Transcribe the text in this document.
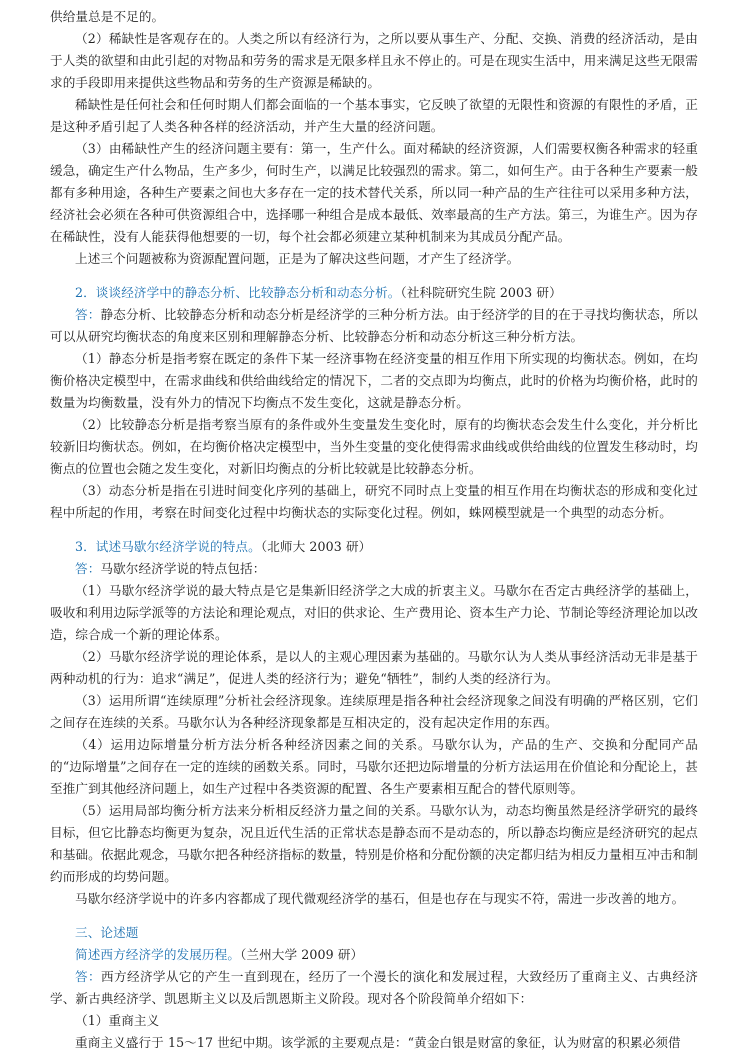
供给量总是不足的。

（2）稀缺性是客观存在的。人类之所以有经济行为，之所以要从事生产、分配、交换、消费的经济活动，是由于人类的欲望和由此引起的对物品和劳务的需求是无限多样且永不停止的。可是在现实生活中，用来满足这些无限需求的手段即用来提供这些物品和劳务的生产资源是稀缺的。

稀缺性是任何社会和任何时期人们都会面临的一个基本事实，它反映了欲望的无限性和资源的有限性的矛盾，正是这种矛盾引起了人类各种各样的经济活动，并产生大量的经济问题。

（3）由稀缺性产生的经济问题主要有：第一，生产什么。面对稀缺的经济资源，人们需要权衡各种需求的轻重缓急，确定生产什么物品，生产多少，何时生产，以满足比较强烈的需求。第二，如何生产。由于各种生产要素一般都有多种用途，各种生产要素之间也大多存在一定的技术替代关系，所以同一种产品的生产往往可以采用多种方法，经济社会必须在各种可供资源组合中，选择哪一种组合是成本最低、效率最高的生产方法。第三，为谁生产。因为存在稀缺性，没有人能获得他想要的一切，每个社会都必须建立某种机制来为其成员分配产品。

上述三个问题被称为资源配置问题，正是为了解决这些问题，才产生了经济学。

2．谈谈经济学中的静态分析、比较静态分析和动态分析。（社科院研究生院 2003 研）

答：静态分析、比较静态分析和动态分析是经济学的三种分析方法。由于经济学的目的在于寻找均衡状态，所以可以从研究均衡状态的角度来区别和理解静态分析、比较静态分析和动态分析这三种分析方法。

（1）静态分析是指考察在既定的条件下某一经济事物在经济变量的相互作用下所实现的均衡状态。例如，在均衡价格决定模型中，在需求曲线和供给曲线给定的情况下，二者的交点即为均衡点，此时的价格为均衡价格，此时的数量为均衡数量，没有外力的情况下均衡点不发生变化，这就是静态分析。

（2）比较静态分析是指考察当原有的条件或外生变量发生变化时，原有的均衡状态会发生什么变化，并分析比较新旧均衡状态。例如，在均衡价格决定模型中，当外生变量的变化使得需求曲线或供给曲线的位置发生移动时，均衡点的位置也会随之发生变化，对新旧均衡点的分析比较就是比较静态分析。

（3）动态分析是指在引进时间变化序列的基础上，研究不同时点上变量的相互作用在均衡状态的形成和变化过程中所起的作用，考察在时间变化过程中均衡状态的实际变化过程。例如，蛛网模型就是一个典型的动态分析。

3．试述马歇尔经济学说的特点。（北师大 2003 研）

答：马歇尔经济学说的特点包括：

（1）马歇尔经济学说的最大特点是它是集新旧经济学之大成的折衷主义。马歇尔在否定古典经济学的基础上，吸收和利用边际学派等的方法论和理论观点，对旧的供求论、生产费用论、资本生产力论、节制论等经济理论加以改造，综合成一个新的理论体系。

（2）马歇尔经济学说的理论体系，是以人的主观心理因素为基础的。马歇尔认为人类从事经济活动无非是基于两种动机的行为：追求“满足”，促进人类的经济行为；避免“牺牲”，制约人类的经济行为。

（3）运用所谓“连续原理”分析社会经济现象。连续原理是指各种社会经济现象之间没有明确的严格区别，它们之间存在连续的关系。马歇尔认为各种经济现象都是互相决定的，没有起决定作用的东西。

（4）运用边际增量分析方法分析各种经济因素之间的关系。马歇尔认为，产品的生产、交换和分配同产品的“边际增量”之间存在一定的连续的函数关系。同时，马歇尔还把边际增量的分析方法运用在价值论和分配论上，甚至推广到其他经济问题上，如生产过程中各类资源的配置、各生产要素相互配合的替代原则等。

（5）运用局部均衡分析方法来分析相反经济力量之间的关系。马歇尔认为，动态均衡虽然是经济学研究的最终目标，但它比静态均衡更为复杂，况且近代生活的正常状态是静态而不是动态的，所以静态均衡应是经济研究的起点和基础。依据此观念，马歇尔把各种经济指标的数量，特别是价格和分配份额的决定都归结为相反力量相互冲击和制约而形成的均势问题。

马歇尔经济学说中的许多内容都成了现代微观经济学的基石，但是也存在与现实不符，需进一步改善的地方。

三、论述题

简述西方经济学的发展历程。（兰州大学 2009 研）

答：西方经济学从它的产生一直到现在，经历了一个漫长的演化和发展过程，大致经历了重商主义、古典经济学、新古典经济学、凯恩斯主义以及后凯恩斯主义阶段。现对各个阶段简单介绍如下：

（1）重商主义

重商主义盛行于 15～17 世纪中期。该学派的主要观点是：“黄金白银是财富的象征，认为财富的积累必须借
